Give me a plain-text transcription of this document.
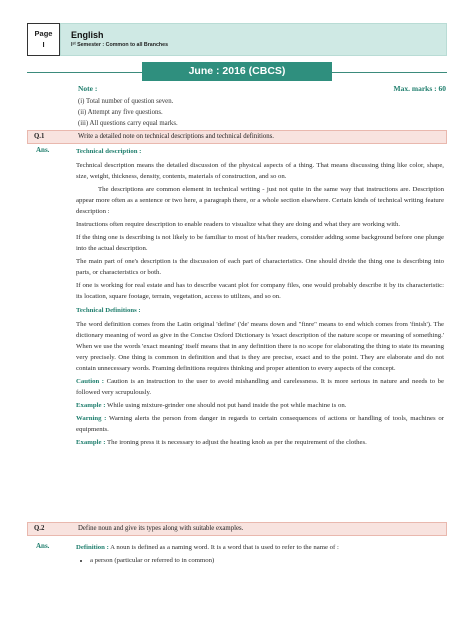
Page
I
English
Iˢᵗ Semester : Common to all Branches
June : 2016 (CBCS)
Note :	Max. marks : 60
(i) Total number of question seven.
(ii) Attempt any five questions.
(iii) All questions carry equal marks.
Q.1	Write a detailed note on technical descriptions and technical definitions.
Ans.	Technical description :

Technical description means the detailed discussion of the physical aspects of a thing. That means discussing thing like color, shape, size, weight, thickness, density, contents, materials of construction, and so on.

The descriptions are common element in technical writing - just not quite in the same way that instructions are. Description appear more often as a sentence or two here, a paragraph there, or a whole section elsewhere. Certain kinds of technical writing feature description :

Instructions often require description to enable readers to visualize what they are doing and what they are working with.

If the thing one is describing is not likely to be familiar to most of his/her readers, consider adding some background before one plunge into the actual description.

The main part of one's description is the discussion of each part of characteristics. One should divide the thing one is describing into parts, or characteristics or both.

If one is working for real estate and has to describe vacant plot for company files, one would probably describe it by its characteristic: its location, square footage, terrain, vegetation, access to utilizes, and so on.

Technical Definitions :

The word definition comes from the Latin original 'define' ('de' means down and "finre" means to end which comes from 'finish'). The dictionary meaning of word as give in the Concise Oxford Dictionary is 'exact description of the nature scope or meaning of something.' When we use the words 'exact meaning' itself means that in any definition there is no scope for elaborating the thing to state its meaning very precisely. One thing is common in definition and that is they are precise, exact and to the point. They are elaborate and do not contain unnecessary words. Framing definitions requires thinking and proper attention to every aspects of the concept.

Caution : Caution is an instruction to the user to avoid mishandling and carelessness. It is more serious in nature and needs to be followed very scrupulously.

Example : While using mixture-grinder one should not put hand inside the pot while machine is on.

Warning : Warning alerts the person from danger in regards to certain consequences of actions or handling of tools, machines or equipments.

Example : The ironing press it is necessary to adjust the heating knob as per the requirement of the clothes.

Q.2	Define noun and give its types along with suitable examples.
Ans.	Definition : A noun is defined as a naming word. It is a word that is used to refer to the name of :

• a person (particular or referred to in common)
